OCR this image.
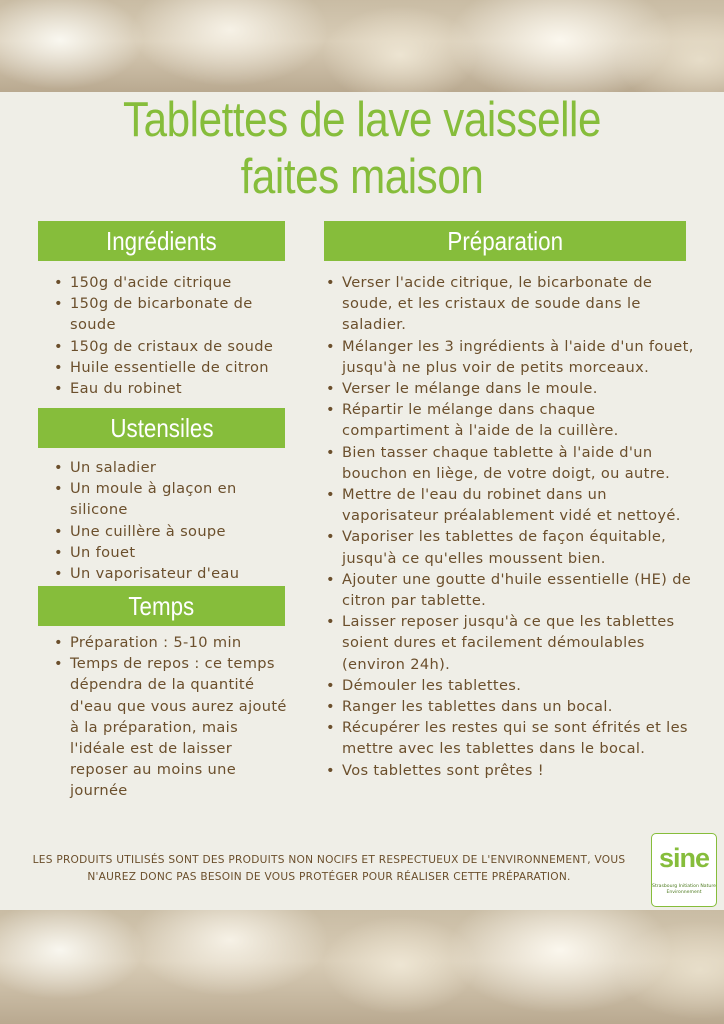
Tablettes de lave vaisselle
faites maison
Ingrédients
• 150g d'acide citrique
• 150g de bicarbonate de soude
• 150g de cristaux de soude
• Huile essentielle de citron
• Eau du robinet
Ustensiles
• Un saladier
• Un moule à glaçon en silicone
• Une cuillère à soupe
• Un fouet
• Un vaporisateur d'eau
Temps
• Préparation : 5-10 min
• Temps de repos : ce temps dépendra de la quantité d'eau que vous aurez ajouté à la préparation, mais l'idéale est de laisser reposer au moins une journée
Préparation
• Verser l'acide citrique, le bicarbonate de soude, et les cristaux de soude dans le saladier.
• Mélanger les 3 ingrédients à l'aide d'un fouet, jusqu'à ne plus voir de petits morceaux.
• Verser le mélange dans le moule.
• Répartir le mélange dans chaque compartiment à l'aide de la cuillère.
• Bien tasser chaque tablette à l'aide d'un bouchon en liège, de votre doigt, ou autre.
• Mettre de l'eau du robinet dans un vaporisateur préalablement vidé et nettoyé.
• Vaporiser les tablettes de façon équitable, jusqu'à ce qu'elles moussent bien.
• Ajouter une goutte d'huile essentielle (HE) de citron par tablette.
• Laisser reposer jusqu'à ce que les tablettes soient dures et facilement démoulables (environ 24h).
• Démouler les tablettes.
• Ranger les tablettes dans un bocal.
• Récupérer les restes qui se sont éfrités et les mettre avec les tablettes dans le bocal.
• Vos tablettes sont prêtes !
LES PRODUITS UTILISÉS SONT DES PRODUITS NON NOCIFS ET RESPECTUEUX DE L'ENVIRONNEMENT, VOUS N'AUREZ DONC PAS BESOIN DE VOUS PROTÉGER POUR RÉALISER CETTE PRÉPARATION.
sine
Strasbourg Initiation Nature Environnement
